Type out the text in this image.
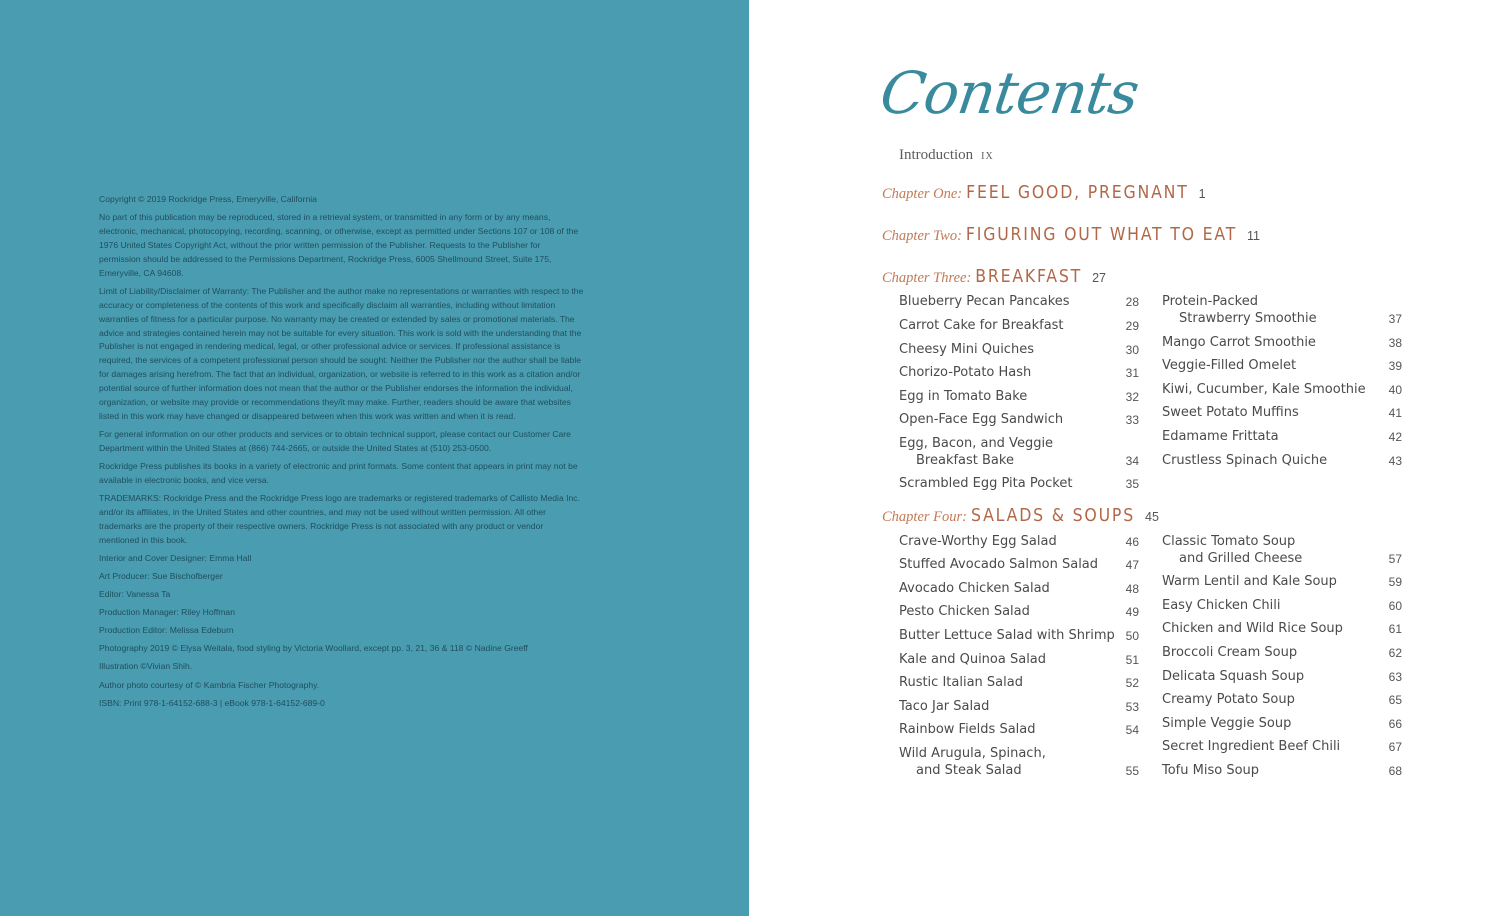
Copyright © 2019 Rockridge Press, Emeryville, California

No part of this publication may be reproduced, stored in a retrieval system, or transmitted in any form or by any means, electronic, mechanical, photocopying, recording, scanning, or otherwise, except as permitted under Sections 107 or 108 of the 1976 United States Copyright Act, without the prior written permission of the Publisher. Requests to the Publisher for permission should be addressed to the Permissions Department, Rockridge Press, 6005 Shellmound Street, Suite 175, Emeryville, CA 94608.

Limit of Liability/Disclaimer of Warranty: The Publisher and the author make no representations or warranties with respect to the accuracy or completeness of the contents of this work and specifically disclaim all warranties, including without limitation warranties of fitness for a particular purpose. No warranty may be created or extended by sales or promotional materials. The advice and strategies contained herein may not be suitable for every situation. This work is sold with the understanding that the Publisher is not engaged in rendering medical, legal, or other professional advice or services. If professional assistance is required, the services of a competent professional person should be sought. Neither the Publisher nor the author shall be liable for damages arising herefrom. The fact that an individual, organization, or website is referred to in this work as a citation and/or potential source of further information does not mean that the author or the Publisher endorses the information the individual, organization, or website may provide or recommendations they/it may make. Further, readers should be aware that websites listed in this work may have changed or disappeared between when this work was written and when it is read.

For general information on our other products and services or to obtain technical support, please contact our Customer Care Department within the United States at (866) 744-2665, or outside the United States at (510) 253-0500.

Rockridge Press publishes its books in a variety of electronic and print formats. Some content that appears in print may not be available in electronic books, and vice versa.

TRADEMARKS: Rockridge Press and the Rockridge Press logo are trademarks or registered trademarks of Callisto Media Inc. and/or its affiliates, in the United States and other countries, and may not be used without written permission. All other trademarks are the property of their respective owners. Rockridge Press is not associated with any product or vendor mentioned in this book.

Interior and Cover Designer: Emma Hall

Art Producer: Sue Bischofberger

Editor: Vanessa Ta

Production Manager: Riley Hoffman

Production Editor: Melissa Edeburn

Photography 2019 © Elysa Weitala, food styling by Victoria Woollard, except pp. 3, 21, 36 & 118 © Nadine Greeff

Illustration ©Vivian Shih.

Author photo courtesy of © Kambria Fischer Photography.

ISBN: Print 978-1-64152-688-3 | eBook 978-1-64152-689-0

Contents
Introduction IX
Chapter One: FEEL GOOD, PREGNANT 1
Chapter Two: FIGURING OUT WHAT TO EAT 11
Chapter Three: BREAKFAST 27
Chapter Four: SALADS & SOUPS 45
Blueberry Pecan Pancakes	28
Carrot Cake for Breakfast	29
Cheesy Mini Quiches	30
Chorizo-Potato Hash	31
Egg in Tomato Bake	32
Open-Face Egg Sandwich	33
Egg, Bacon, and Veggie
Breakfast Bake	34
Scrambled Egg Pita Pocket	35
Protein-Packed
Strawberry Smoothie	37
Mango Carrot Smoothie	38
Veggie-Filled Omelet	39
Kiwi, Cucumber, Kale Smoothie	40
Sweet Potato Muffins	41
Edamame Frittata	42
Crustless Spinach Quiche	43
Crave-Worthy Egg Salad	46
Stuffed Avocado Salmon Salad	47
Avocado Chicken Salad	48
Pesto Chicken Salad	49
Butter Lettuce Salad with Shrimp 50
Kale and Quinoa Salad	51
Rustic Italian Salad	52
Taco Jar Salad	53
Rainbow Fields Salad	54
Wild Arugula, Spinach,
and Steak Salad	55
Classic Tomato Soup
and Grilled Cheese	57
Warm Lentil and Kale Soup	59
Easy Chicken Chili	60
Chicken and Wild Rice Soup	61
Broccoli Cream Soup	62
Delicata Squash Soup	63
Creamy Potato Soup	65
Simple Veggie Soup	66
Secret Ingredient Beef Chili	67
Tofu Miso Soup	68
